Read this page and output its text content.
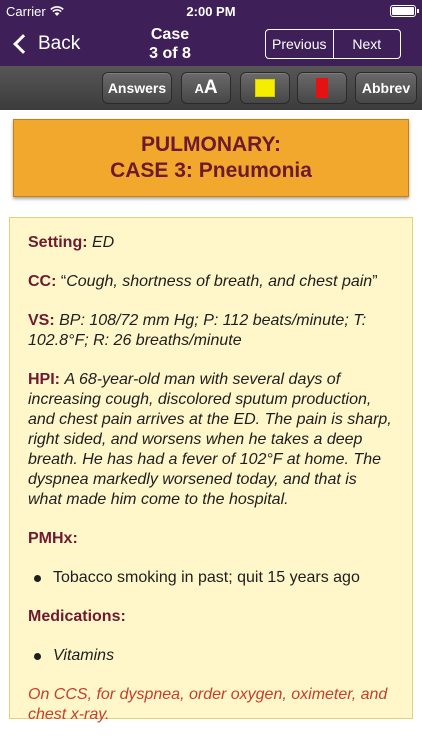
Carrier	2:00 PM
Back	Case
3 of 8
Previous	Next
Answers	AA	Abbrev
PULMONARY:
CASE 3: Pneumonia

Setting: ED

CC: “Cough, shortness of breath, and chest pain”

VS: BP: 108/72 mm Hg; P: 112 beats/minute; T: 102.8°F; R: 26 breaths/minute

HPI: A 68-year-old man with several days of increasing cough, discolored sputum production, and chest pain arrives at the ED. The pain is sharp, right sided, and worsens when he takes a deep breath. He has had a fever of 102°F at home. The dyspnea markedly worsened today, and that is what made him come to the hospital.

PMHx:

Tobacco smoking in past; quit 15 years ago

Medications:

Vitamins

On CCS, for dyspnea, order oxygen, oximeter, and chest x-ray.
